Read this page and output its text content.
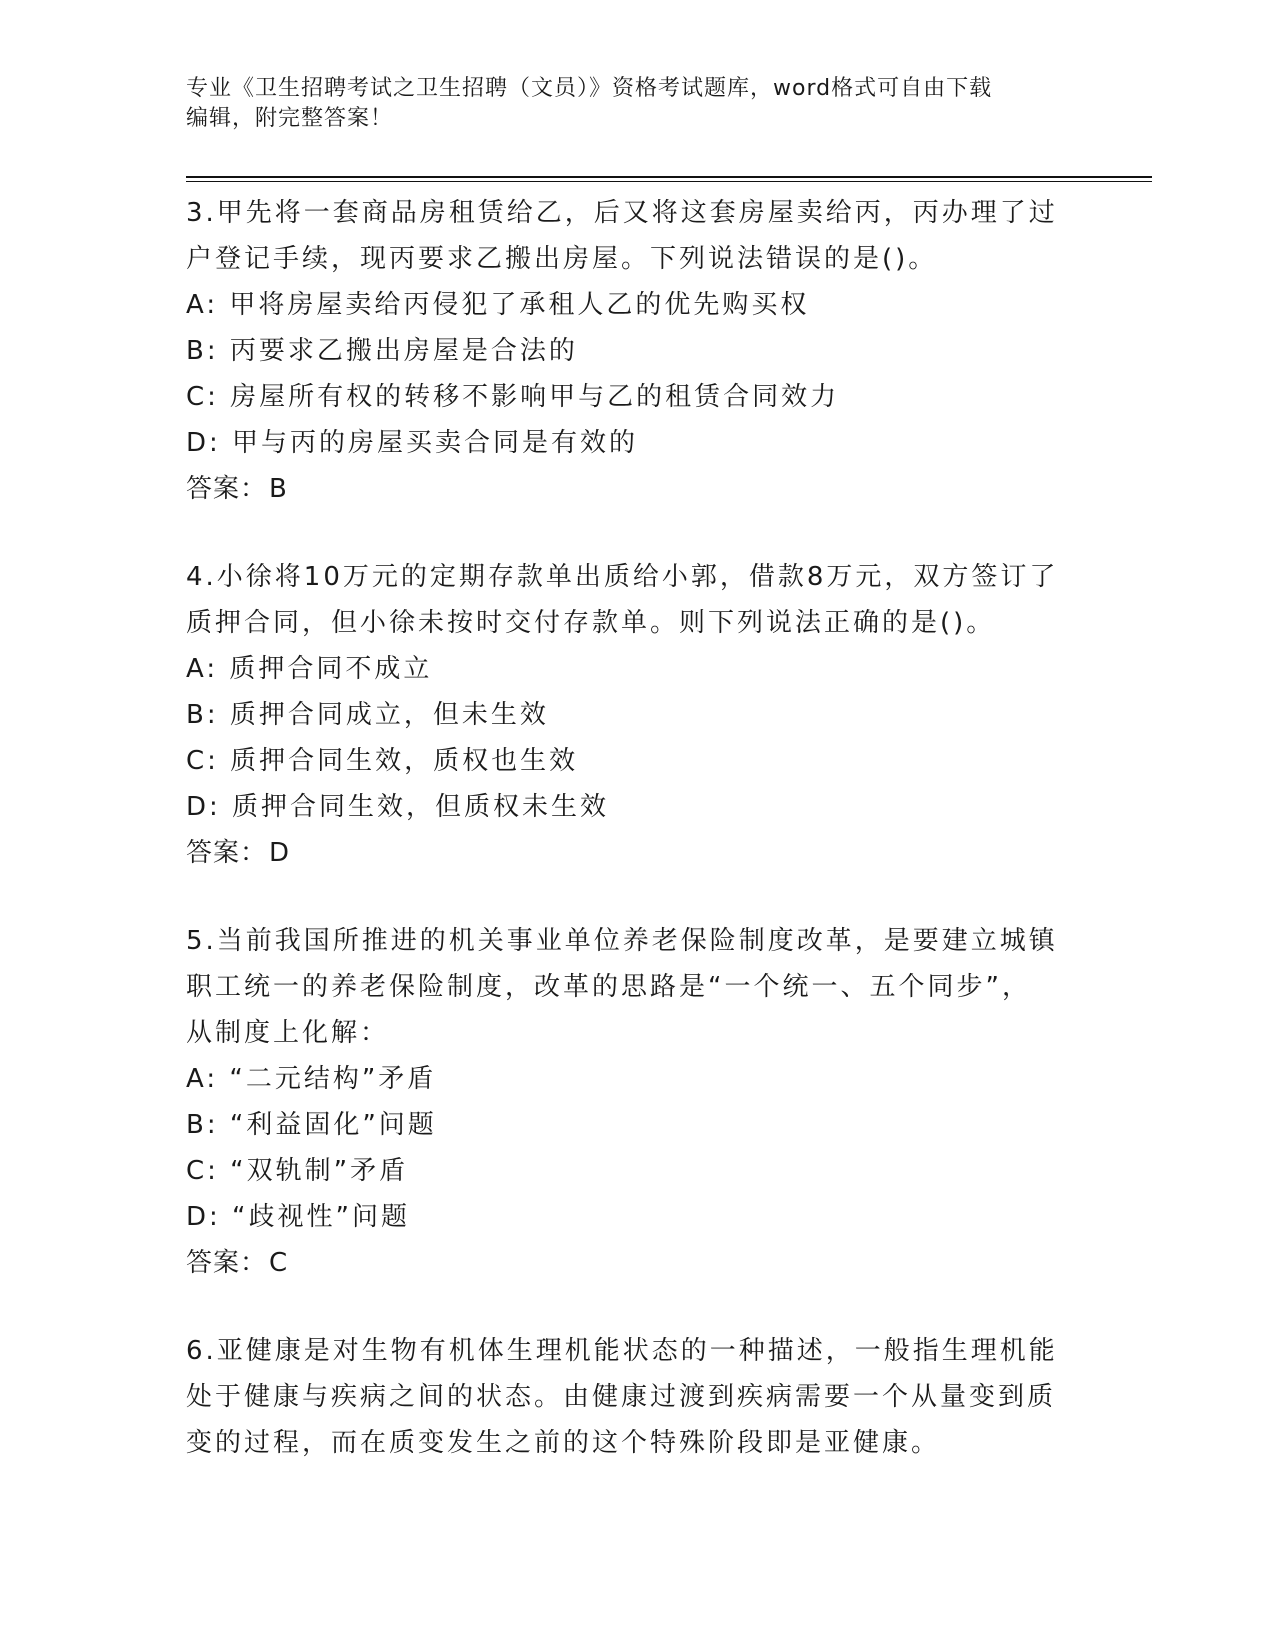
专业《卫生招聘考试之卫生招聘（文员）》资格考试题库，word格式可自由下载
编辑，附完整答案！
3.甲先将一套商品房租赁给乙，后又将这套房屋卖给丙，丙办理了过
户登记手续，现丙要求乙搬出房屋。下列说法错误的是()。
A: 甲将房屋卖给丙侵犯了承租人乙的优先购买权
B: 丙要求乙搬出房屋是合法的
C: 房屋所有权的转移不影响甲与乙的租赁合同效力
D: 甲与丙的房屋买卖合同是有效的
答案：B
4.小徐将10万元的定期存款单出质给小郭，借款8万元，双方签订了
质押合同，但小徐未按时交付存款单。则下列说法正确的是()。
A: 质押合同不成立
B: 质押合同成立，但未生效
C: 质押合同生效，质权也生效
D: 质押合同生效，但质权未生效
答案：D
5.当前我国所推进的机关事业单位养老保险制度改革，是要建立城镇
职工统一的养老保险制度，改革的思路是“一个统一、五个同步”，
从制度上化解：
A: “二元结构”矛盾
B: “利益固化”问题
C: “双轨制”矛盾
D: “歧视性”问题
答案：C
6.亚健康是对生物有机体生理机能状态的一种描述，一般指生理机能
处于健康与疾病之间的状态。由健康过渡到疾病需要一个从量变到质
变的过程，而在质变发生之前的这个特殊阶段即是亚健康。
